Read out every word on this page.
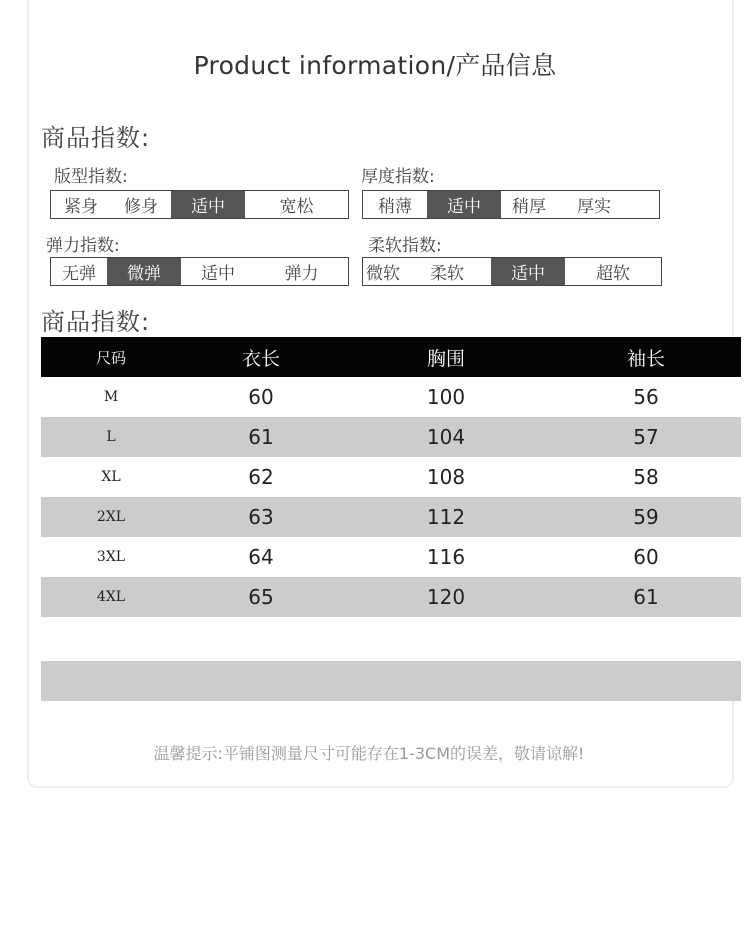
Product information/产品信息
商品指数:
版型指数:
紧身	修身	适中	宽松
厚度指数:
稍薄	适中	稍厚	厚实
弹力指数:
无弹	微弹	适中	弹力
柔软指数:
微软	柔软	适中	超软
商品指数:
尺码	衣长	胸围	袖长
M	60	100	56
L	61	104	57
XL	62	108	58
2XL	63	112	59
3XL	64	116	60
4XL	65	120	61
温馨提示:平铺图测量尺寸可能存在1-3CM的误差，敬请谅解!
